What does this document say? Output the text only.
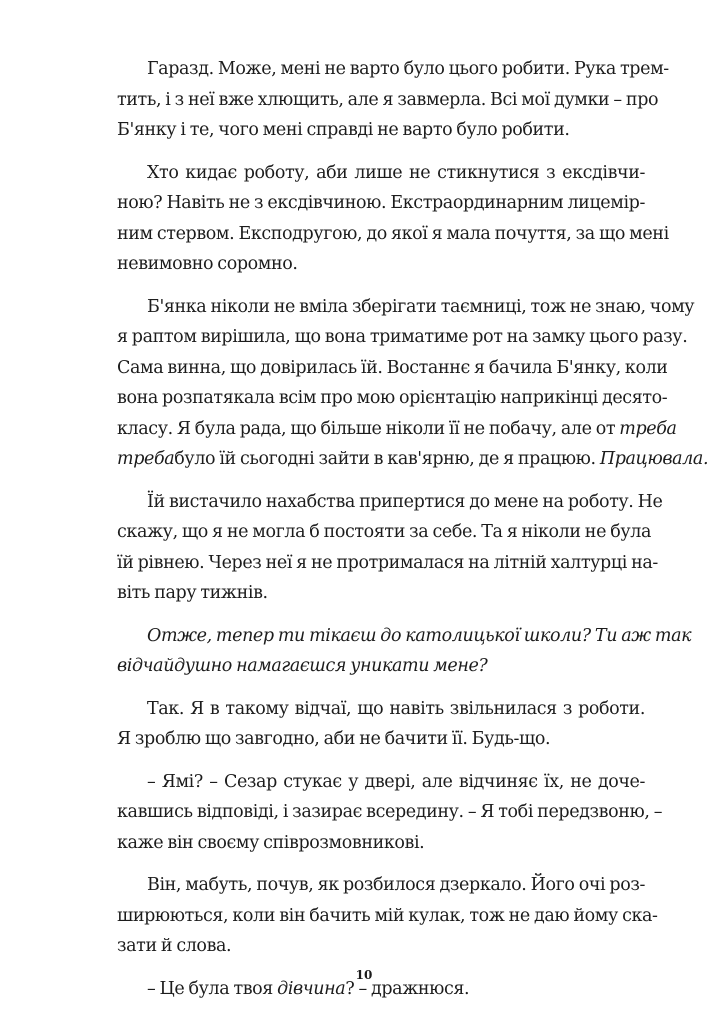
Гаразд. Може, мені не варто було цього робити. Рука трем-
тить, і з неї вже хлющить, але я завмерла. Всі мої думки – про
Б'янку і те, чого мені справді не варто було робити.

Хто кидає роботу, аби лише не стикнутися з ексдівчи-
ною? Навіть не з ексдівчиною. Екстраординарним лицемір-
ним стервом. Експодругою, до якої я мала почуття, за що мені
невимовно соромно.

Б'янка ніколи не вміла зберігати таємниці, тож не знаю, чому
я раптом вирішила, що вона триматиме рот на замку цього разу.
Сама винна, що довірилась їй. Востаннє я бачила Б'янку, коли
вона розпатякала всім про мою орієнтацію наприкінці десято-
класу. Я була рада, що більше ніколи її не побачу, але от треба
требабуло їй сьогодні зайти в кав'ярню, де я працюю. Працювала.

Їй вистачило нахабства припертися до мене на роботу. Не
скажу, що я не могла б постояти за себе. Та я ніколи не була
їй рівнею. Через неї я не протрималася на літній халтурці на-
віть пару тижнів.

Отже, тепер ти тікаєш до католицької школи? Ти аж так
відчайдушно намагаєшся уникати мене?

Так. Я в такому відчаї, що навіть звільнилася з роботи.
Я зроблю що завгодно, аби не бачити її. Будь-що.

– Ямі? – Сезар стукає у двері, але відчиняє їх, не доче-
кавшись відповіді, і зазирає всередину. – Я тобі передзвоню, –
каже він своєму співрозмовникові.

Він, мабуть, почув, як розбилося дзеркало. Його очі роз-
ширюються, коли він бачить мій кулак, тож не даю йому ска-
зати й слова.

– Це була твоя дівчина? – дражнюся.

10
